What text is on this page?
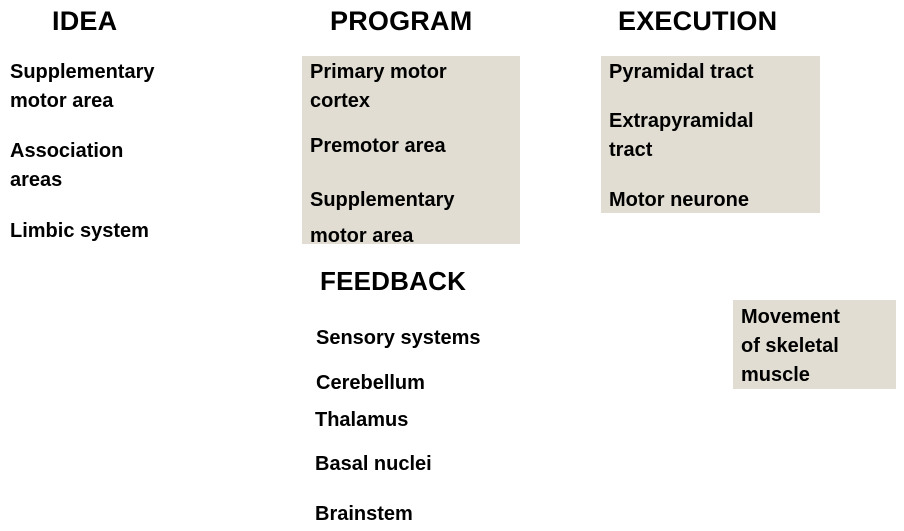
IDEA
Supplementary
motor area
Association
areas
Limbic system
PROGRAM
Primary motor
cortex
Premotor area
Supplementary
motor area
EXECUTION
Pyramidal tract
Extrapyramidal
tract
Motor neurone
FEEDBACK
Sensory systems
Cerebellum
Thalamus
Basal nuclei
Brainstem
Movement
of skeletal
muscle
